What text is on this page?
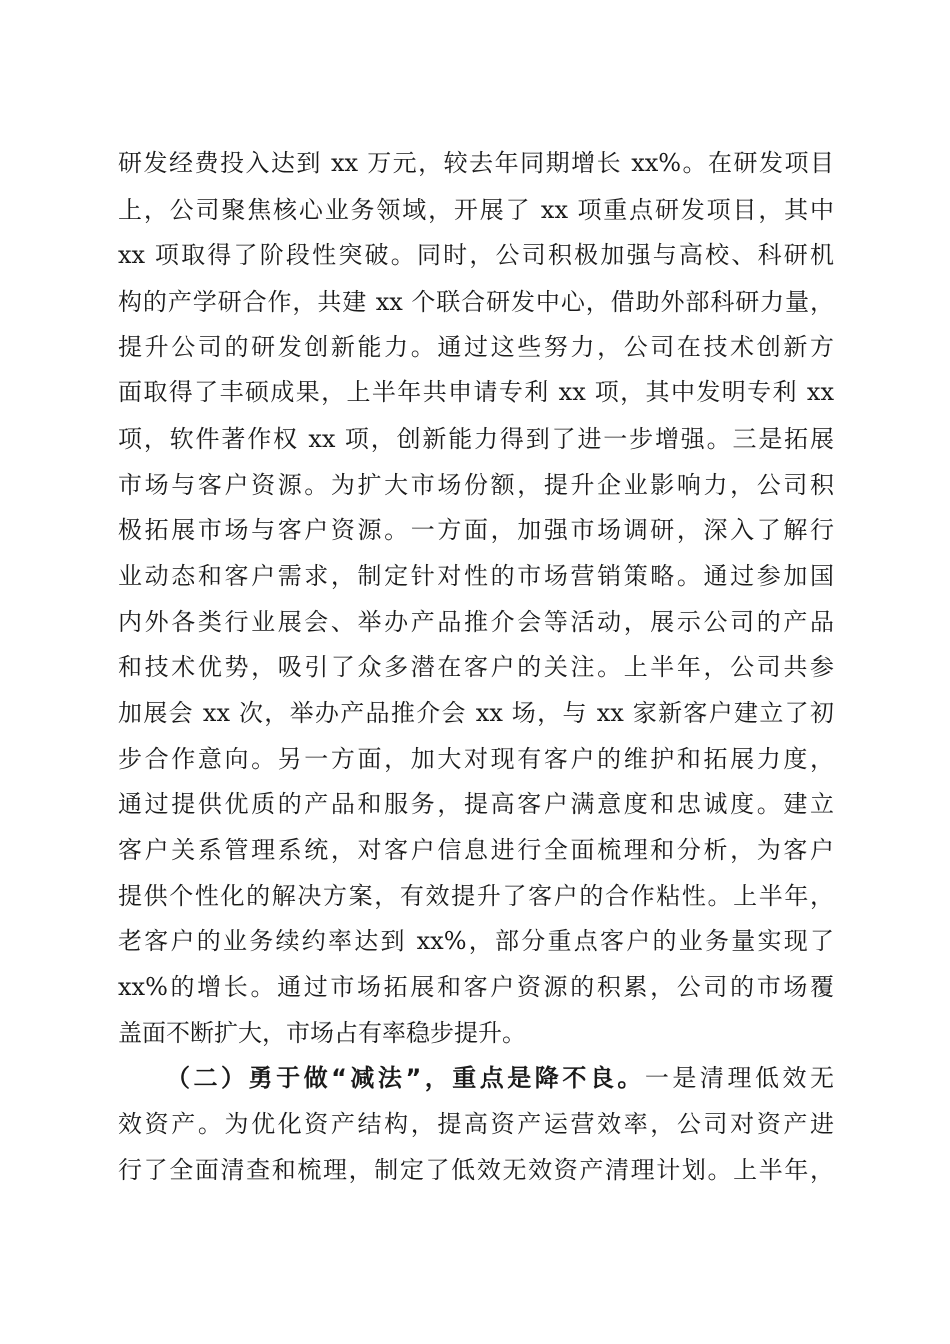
研发经费投入达到 xx 万元，较去年同期增长 xx%。在研发项目
上，公司聚焦核心业务领域，开展了 xx 项重点研发项目，其中
xx 项取得了阶段性突破。同时，公司积极加强与高校、科研机
构的产学研合作，共建 xx 个联合研发中心，借助外部科研力量，
提升公司的研发创新能力。通过这些努力，公司在技术创新方
面取得了丰硕成果，上半年共申请专利 xx 项，其中发明专利 xx
项，软件著作权 xx 项，创新能力得到了进一步增强。三是拓展
市场与客户资源。为扩大市场份额，提升企业影响力，公司积
极拓展市场与客户资源。一方面，加强市场调研，深入了解行
业动态和客户需求，制定针对性的市场营销策略。通过参加国
内外各类行业展会、举办产品推介会等活动，展示公司的产品
和技术优势，吸引了众多潜在客户的关注。上半年，公司共参
加展会 xx 次，举办产品推介会 xx 场，与 xx 家新客户建立了初
步合作意向。另一方面，加大对现有客户的维护和拓展力度，
通过提供优质的产品和服务，提高客户满意度和忠诚度。建立
客户关系管理系统，对客户信息进行全面梳理和分析，为客户
提供个性化的解决方案，有效提升了客户的合作粘性。上半年，
老客户的业务续约率达到 xx%，部分重点客户的业务量实现了
xx%的增长。通过市场拓展和客户资源的积累，公司的市场覆
盖面不断扩大，市场占有率稳步提升。
（二）勇于做“减法”，重点是降不良。一是清理低效无
效资产。为优化资产结构，提高资产运营效率，公司对资产进
行了全面清查和梳理，制定了低效无效资产清理计划。上半年，
